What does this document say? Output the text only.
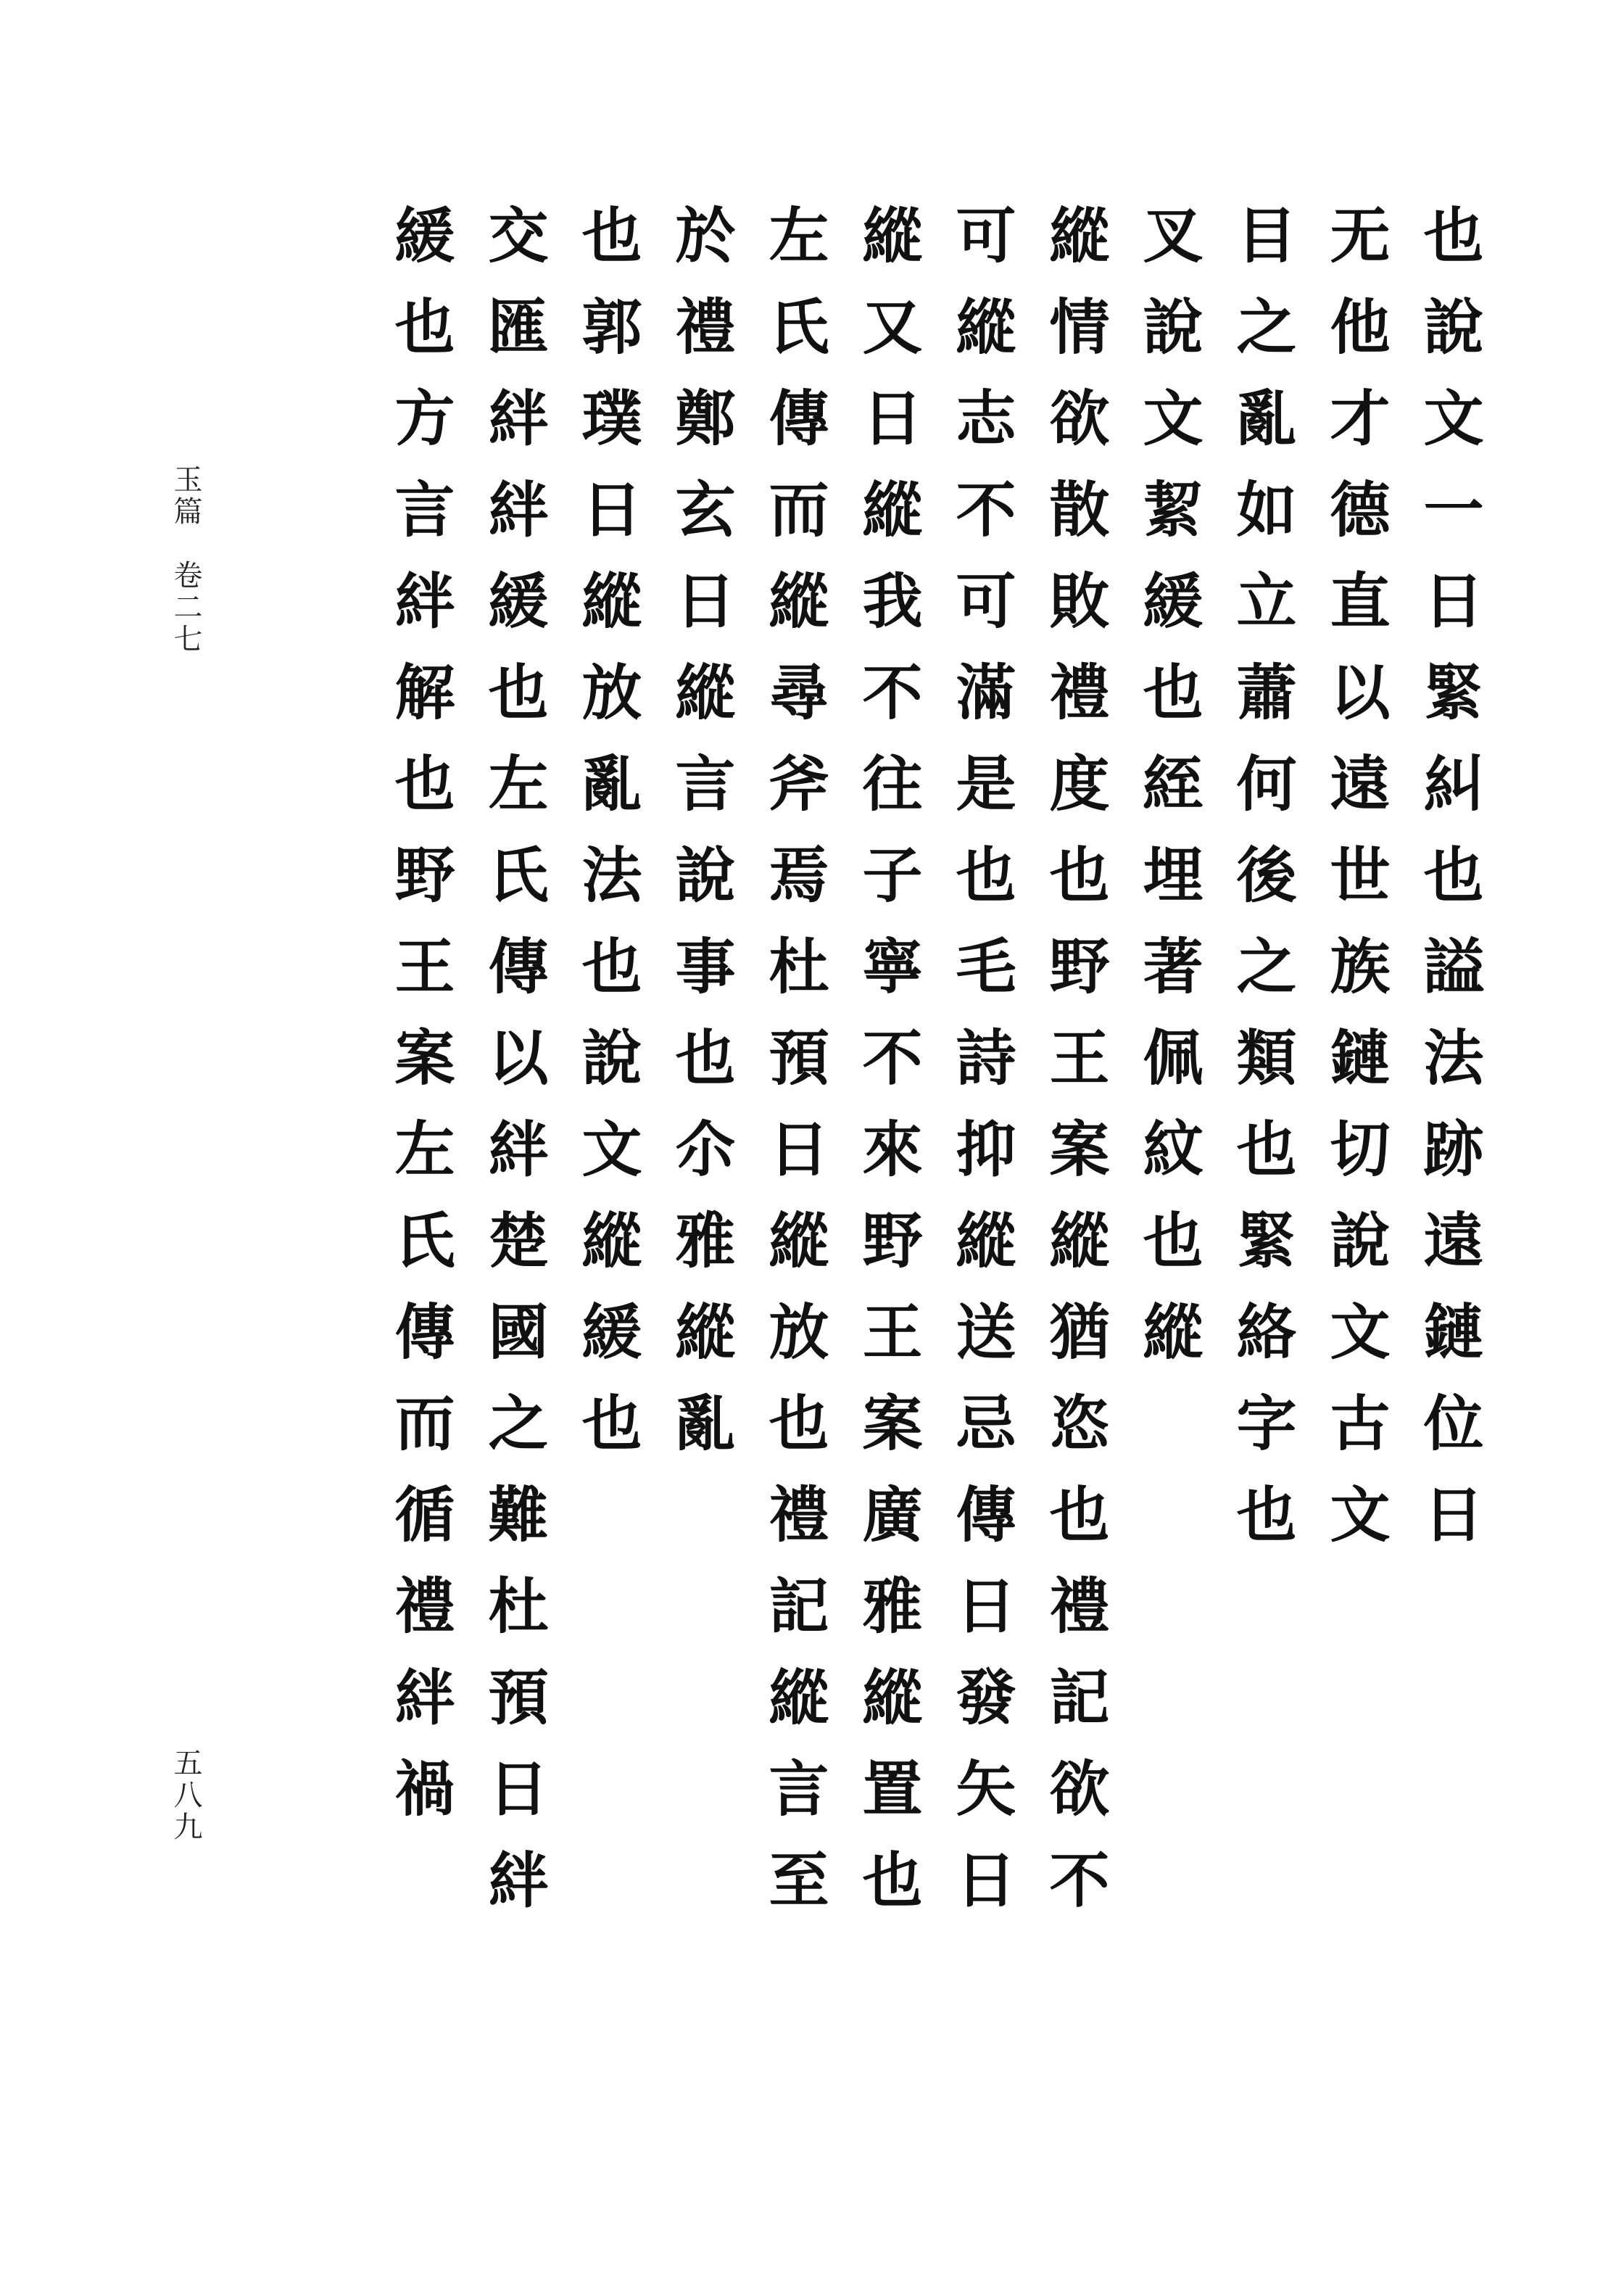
玉篇　卷二七
五八九
也
說
文
一
日
緊
糾
也
謚
法
跡
遠
鏈
位
日
无
他
才
德
直
以
遠
世
族
鏈
切
說
文
古
文
目
之
亂
如
立
蕭
何
後
之
類
也
緊
絡
字
也
叉
說
文
絜
緩
也
絰
埋
著
佩
紋
也
縱
縱
情
欲
散
敗
禮
度
也
野
王
案
縱
猶
恣
也
禮
記
欲
不
可
縱
志
不
可
滿
是
也
毛
詩
抑
縱
送
忌
傳
日
發
矢
日
縱
又
日
縱
我
不
往
子
寧
不
來
野
王
案
廣
雅
縱
置
也
左
氏
傳
而
縱
尋
斧
焉
杜
預
日
縱
放
也
禮
記
縱
言
至
於
禮
鄭
玄
日
縱
言
說
事
也
尒
雅
縱
亂
也
郭
璞
日
縱
放
亂
法
也
說
文
縱
緩
也
交
匯
絆
絆
緩
也
左
氏
傳
以
絆
楚
國
之
難
杜
預
日
絆
緩
也
方
言
絆
解
也
野
王
案
左
氏
傳
而
循
禮
絆
禍
